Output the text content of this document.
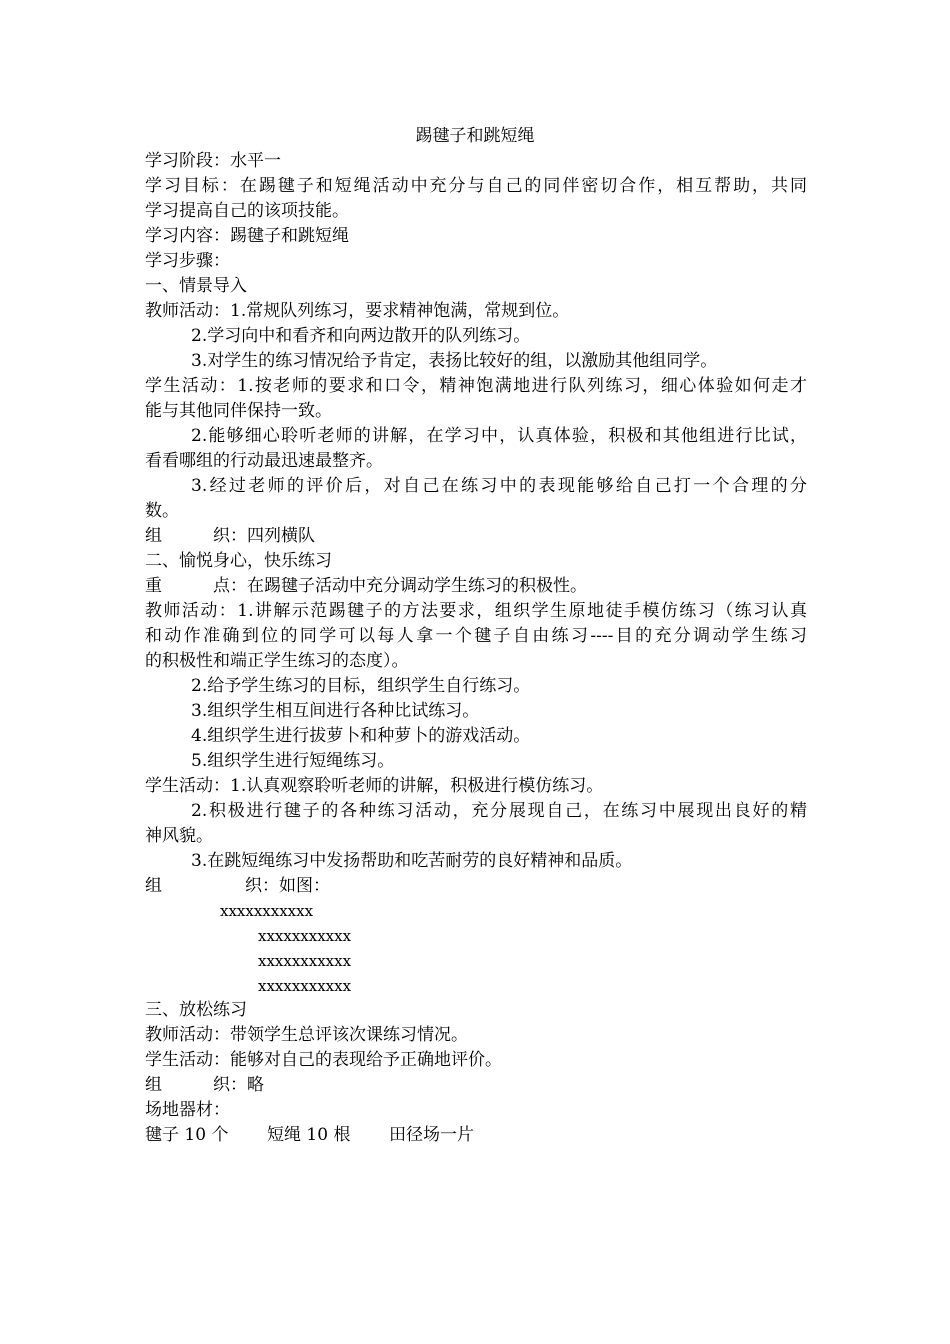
踢毽子和跳短绳
学习阶段：水平一
学习目标：在踢毽子和短绳活动中充分与自己的同伴密切合作，相互帮助，共同
学习提高自己的该项技能。
学习内容：踢毽子和跳短绳
学习步骤：
一、情景导入
教师活动：1.常规队列练习，要求精神饱满，常规到位。
2.学习向中和看齐和向两边散开的队列练习。
3.对学生的练习情况给予肯定，表扬比较好的组，以激励其他组同学。
学生活动：1.按老师的要求和口令，精神饱满地进行队列练习，细心体验如何走才
能与其他同伴保持一致。
2.能够细心聆听老师的讲解，在学习中，认真体验，积极和其他组进行比试，
看看哪组的行动最迅速最整齐。
3.经过老师的评价后，对自己在练习中的表现能够给自己打一个合理的分
数。
组	织：四列横队
二、愉悦身心，快乐练习
重	点：在踢毽子活动中充分调动学生练习的积极性。
教师活动：1.讲解示范踢毽子的方法要求，组织学生原地徒手模仿练习（练习认真
和动作准确到位的同学可以每人拿一个毽子自由练习----目的充分调动学生练习
的积极性和端正学生练习的态度）。
2.给予学生练习的目标，组织学生自行练习。
3.组织学生相互间进行各种比试练习。
4.组织学生进行拔萝卜和种萝卜的游戏活动。
5.组织学生进行短绳练习。
学生活动：1.认真观察聆听老师的讲解，积极进行模仿练习。
2.积极进行毽子的各种练习活动，充分展现自己，在练习中展现出良好的精
神风貌。
3.在跳短绳练习中发扬帮助和吃苦耐劳的良好精神和品质。
组	织：如图：
xxxxxxxxxxx
xxxxxxxxxxx
xxxxxxxxxxx
xxxxxxxxxxx
三、放松练习
教师活动：带领学生总评该次课练习情况。
学生活动：能够对自己的表现给予正确地评价。
组	织：略
场地器材：
毽子 10 个 短绳 10 根 田径场一片
